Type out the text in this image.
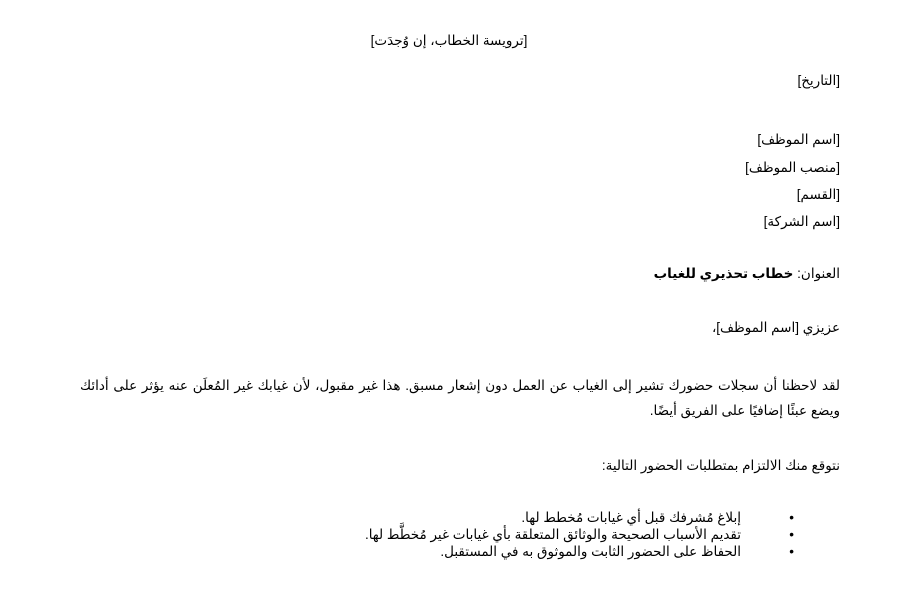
[ترويسة الخطاب، إن وُجدَت]
[التاريخ]
[اسم الموظف]
[منصب الموظف]
[القسم]
[اسم الشركة]
العنوان: خطاب تحذيري للغياب
عزيزي [اسم الموظف]،
لقد لاحظنا أن سجلات حضورك تشير إلى الغياب عن العمل دون إشعار مسبق. هذا غير مقبول، لأن غيابك غير المُعلَن عنه يؤثر على أدائك ويضع عبئًا إضافيًا على الفريق أيضًا.
نتوقع منك الالتزام بمتطلبات الحضور التالية:
•
إبلاغ مُشرفك قبل أي غيابات مُخطط لها.
•
تقديم الأسباب الصحيحة والوثائق المتعلقة بأي غيابات غير مُخطَّط لها.
•
الحفاظ على الحضور الثابت والموثوق به في المستقبل.
